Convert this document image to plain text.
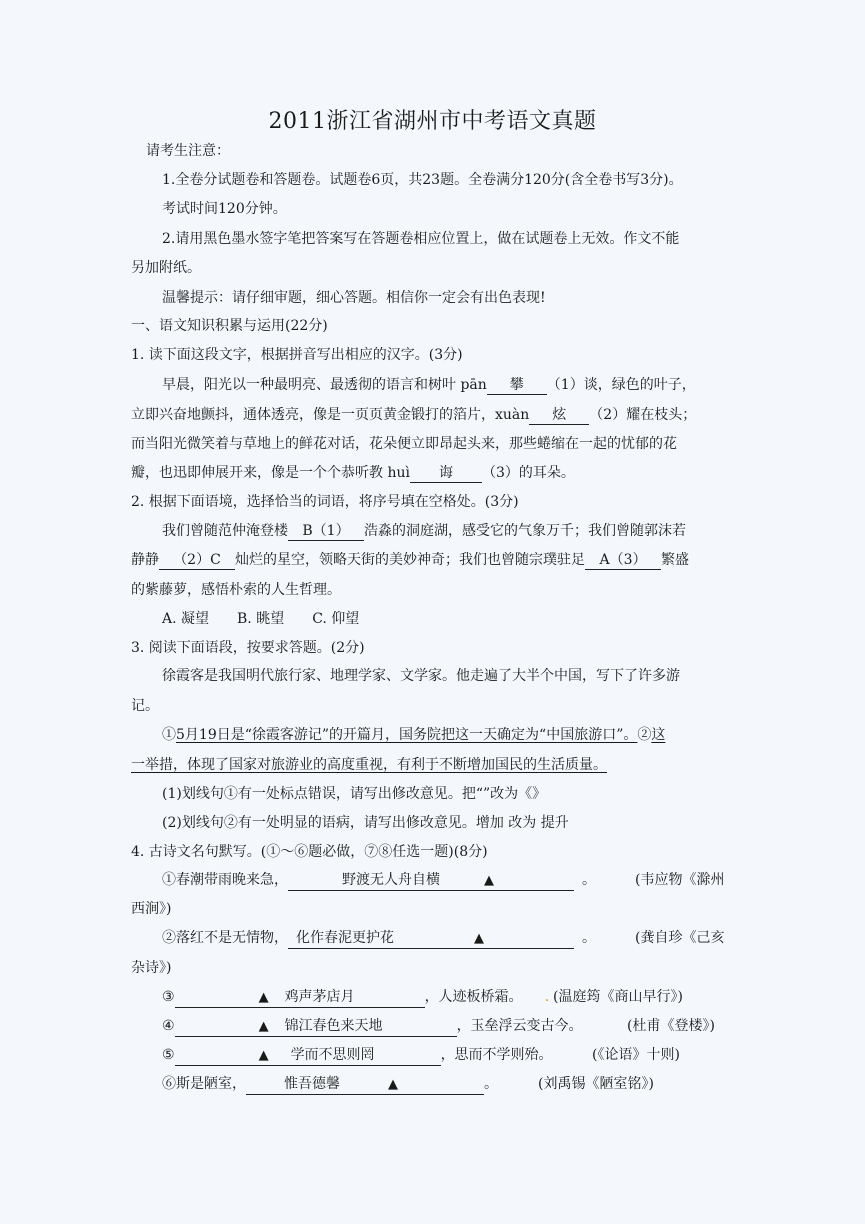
2011浙江省湖州市中考语文真题
请考生注意：
1.全卷分试题卷和答题卷。试题卷6页，共23题。全卷满分120分(含全卷书写3分)。
考试时间120分钟。
2.请用黑色墨水签字笔把答案写在答题卷相应位置上，做在试题卷上无效。作文不能
另加附纸。
温馨提示：请仔细审题，细心答题。相信你一定会有出色表现!
一、语文知识积累与运用(22分)
1. 读下面这段文字，根据拼音写出相应的汉字。(3分)
早晨，阳光以一种最明亮、最透彻的语言和树叶 pān 攀 （1）谈，绿色的叶子，
立即兴奋地颤抖，通体透亮，像是一页页黄金锻打的箔片，xuàn 炫 （2）耀在枝头；
而当阳光微笑着与草地上的鲜花对话，花朵便立即昂起头来，那些蜷缩在一起的忧郁的花
瓣，也迅即伸展开来，像是一个个恭听教 huì 诲 （3）的耳朵。
2. 根据下面语境，选择恰当的词语，将序号填在空格处。(3分)
我们曾随范仲淹登楼 B（1） 浩淼的洞庭湖，感受它的气象万千；我们曾随郭沫若
静静 （2）C 灿烂的星空，领略天街的美妙神奇；我们也曾随宗璞驻足 A（3） 繁盛
的紫藤萝，感悟朴索的人生哲理。
A. 凝望　　B. 眺望　　C. 仰望
3. 阅读下面语段，按要求答题。(2分)
徐霞客是我国明代旅行家、地理学家、文学家。他走遍了大半个中国，写下了许多游
记。
①5月19日是“徐霞客游记”的开篇月，国务院把这一天确定为“中国旅游口”。②这
一举措，体现了国家对旅游业的高度重视，有利于不断增加国民的生活质量。
(1)划线句①有一处标点错误，请写出修改意见。把“”改为《》
(2)划线句②有一处明显的语病，请写出修改意见。增加 改为 提升
4. 古诗文名句默写。(①～⑥题必做，⑦⑧任选一题)(8分)
①春潮带雨晚来急，	野渡无人舟自横	▲	。	(韦应物《滁州
西涧》)
②落红不是无情物， 化作春泥更护花	▲	。	(龚自珍《己亥
杂诗》)
③	▲ 鸡声茅店月	，人迹板桥霜。 . (温庭筠《商山早行》)
④	▲ 锦江春色来天地	，玉垒浮云变古今。	(杜甫《登楼》)
⑤	▲ 学而不思则罔	，思而不学则殆。	(《论语》十则)
⑥斯是陋室，	惟吾德馨	▲	。	(刘禹锡《陋室铭》)
